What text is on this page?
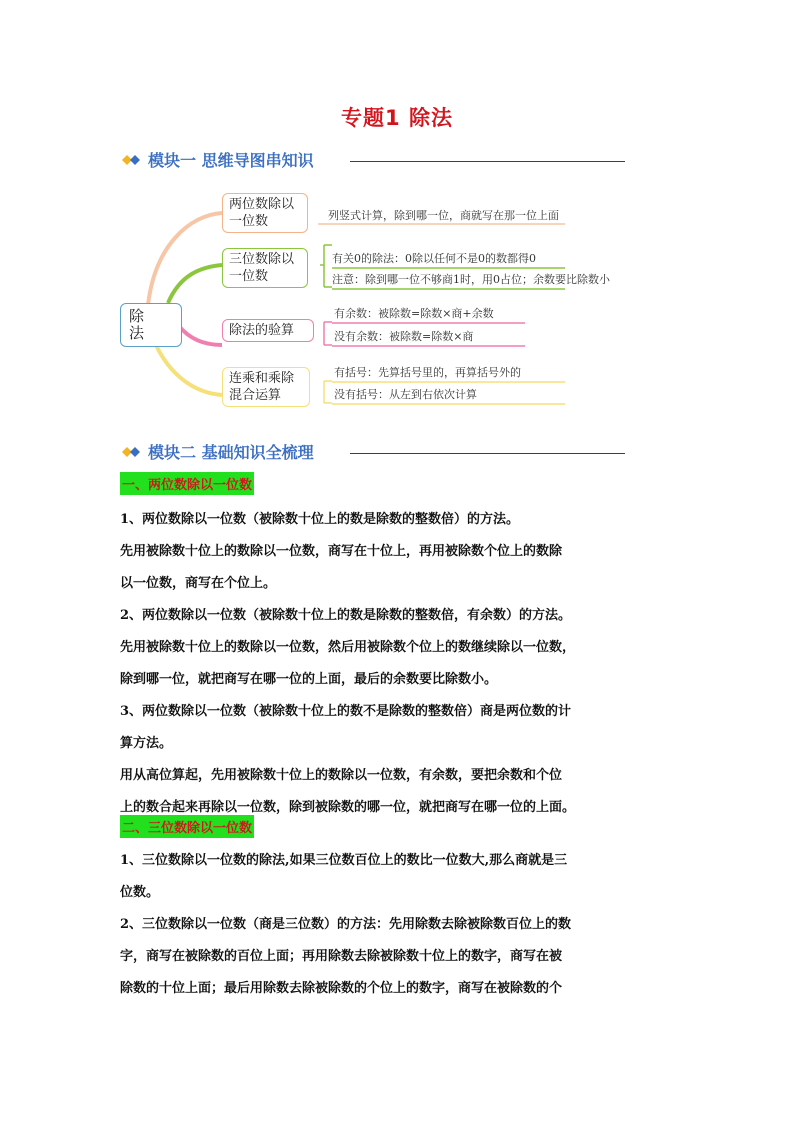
专题1 除法
模块一 思维导图串知识
除 法
两位数除以一位数
三位数除以一位数
除法的验算
连乘和乘除混合运算
列竖式计算，除到哪一位，商就写在那一位上面
有关0的除法：0除以任何不是0的数都得0
注意：除到哪一位不够商1时，用0占位；余数要比除数小
有余数：被除数=除数×商+余数
没有余数：被除数=除数×商
有括号：先算括号里的，再算括号外的
没有括号：从左到右依次计算
模块二 基础知识全梳理
一、两位数除以一位数
1、两位数除以一位数（被除数十位上的数是除数的整数倍）的方法。
先用被除数十位上的数除以一位数，商写在十位上，再用被除数个位上的数除
以一位数，商写在个位上。
2、两位数除以一位数（被除数十位上的数是除数的整数倍，有余数）的方法。
先用被除数十位上的数除以一位数，然后用被除数个位上的数继续除以一位数，
除到哪一位，就把商写在哪一位的上面，最后的余数要比除数小。
3、两位数除以一位数（被除数十位上的数不是除数的整数倍）商是两位数的计
算方法。
用从高位算起，先用被除数十位上的数除以一位数，有余数，要把余数和个位
上的数合起来再除以一位数，除到被除数的哪一位，就把商写在哪一位的上面。
二、三位数除以一位数
1、三位数除以一位数的除法,如果三位数百位上的数比一位数大,那么商就是三
位数。
2、三位数除以一位数（商是三位数）的方法：先用除数去除被除数百位上的数
字，商写在被除数的百位上面；再用除数去除被除数十位上的数字，商写在被
除数的十位上面；最后用除数去除被除数的个位上的数字，商写在被除数的个
